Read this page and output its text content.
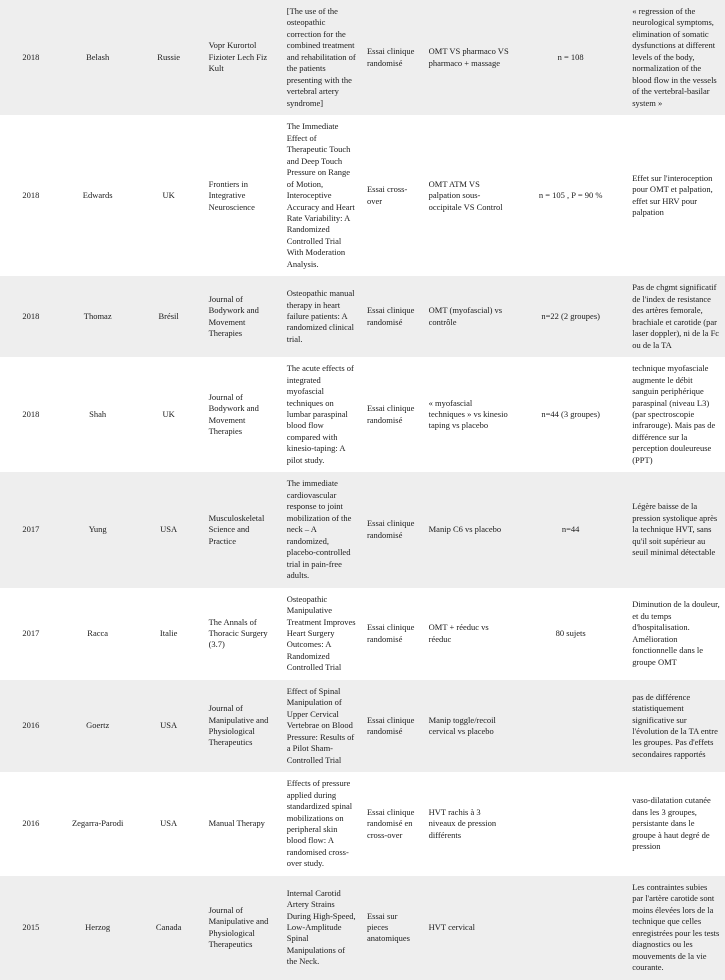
2018	Belash	Russie	Vopr Kurortol Fizioter Lech Fiz Kult	[The use of the osteopathic correction for the combined treatment and rehabilitation of the patients presenting with the vertebral artery syndrome]	Essai clinique randomisé	OMT VS pharmaco VS pharmaco + massage	n = 108	« regression of the neurological symptoms, elimination of somatic dysfunctions at different levels of the body, normalization of the blood flow in the vessels of the vertebral-basilar system »

2018	Edwards	UK	Frontiers in Integrative Neuroscience	The Immediate Effect of Therapeutic Touch and Deep Touch Pressure on Range of Motion, Interoceptive Accuracy and Heart Rate Variability: A Randomized Controlled Trial With Moderation Analysis.	Essai cross-over	OMT ATM VS palpation sous-occipitale VS Control	n = 105 , P = 90 %	Effet sur l'interoception pour OMT et palpation, effet sur HRV pour palpation

2018	Thomaz	Brésil	Journal of Bodywork and Movement Therapies	Osteopathic manual therapy in heart failure patients: A randomized clinical trial.	Essai clinique randomisé	OMT (myofascial) vs contrôle	n=22 (2 groupes)	Pas de chgmt significatif de l'index de resistance des artères femorale, brachiale et carotide (par laser doppler), ni de la Fc ou de la TA

2018	Shah	UK	Journal of Bodywork and Movement Therapies	The acute effects of integrated myofascial techniques on lumbar paraspinal blood flow compared with kinesio-taping: A pilot study.	Essai clinique randomisé	« myofascial techniques » vs kinesio taping vs placebo	n=44 (3 groupes)	technique myofasciale augmente le débit sanguin periphérique paraspinal (niveau L3) (par spectroscopie infrarouge). Mais pas de différence sur la perception douleureuse (PPT)

2017	Yung	USA	Musculoskeletal Science and Practice	The immediate cardiovascular response to joint mobilization of the neck – A randomized, placebo-controlled trial in pain-free adults.	Essai clinique randomisé	Manip C6 vs placebo	n=44	Légère baisse de la pression systolique après la technique HVT, sans qu'il soit supérieur au seuil minimal détectable

2017	Racca	Italie	The Annals of Thoracic Surgery (3.7)	Osteopathic Manipulative Treatment Improves Heart Surgery Outcomes: A Randomized Controlled Trial	Essai clinique randomisé	OMT + réeduc vs réeduc	80 sujets	Diminution de la douleur, et du temps d'hospitalisation. Amélioration fonctionnelle dans le groupe OMT

2016	Goertz	USA	Journal of Manipulative and Physiological Therapeutics	Effect of Spinal Manipulation of Upper Cervical Vertebrae on Blood Pressure: Results of a Pilot Sham-Controlled Trial	Essai clinique randomisé	Manip toggle/recoil cervical vs placebo		pas de différence statistiquement significative sur l'évolution de la TA entre les groupes. Pas d'effets secondaires rapportés

2016	Zegarra-Parodi	USA	Manual Therapy	Effects of pressure applied during standardized spinal mobilizations on peripheral skin blood flow: A randomised cross-over study.	Essai clinique randomisé en cross-over	HVT rachis à 3 niveaux de pression différents		vaso-dilatation cutanée dans les 3 groupes, persistante dans le groupe à haut degré de pression

2015	Herzog	Canada	Journal of Manipulative and Physiological Therapeutics	Internal Carotid Artery Strains During High-Speed, Low-Amplitude Spinal Manipulations of the Neck.	Essai sur pieces anatomiques	HVT cervical		Les contraintes subies par l'artère carotide sont moins élevées lors de la technique que celles enregistrées pour les tests diagnostics ou les mouvements de la vie courante.
